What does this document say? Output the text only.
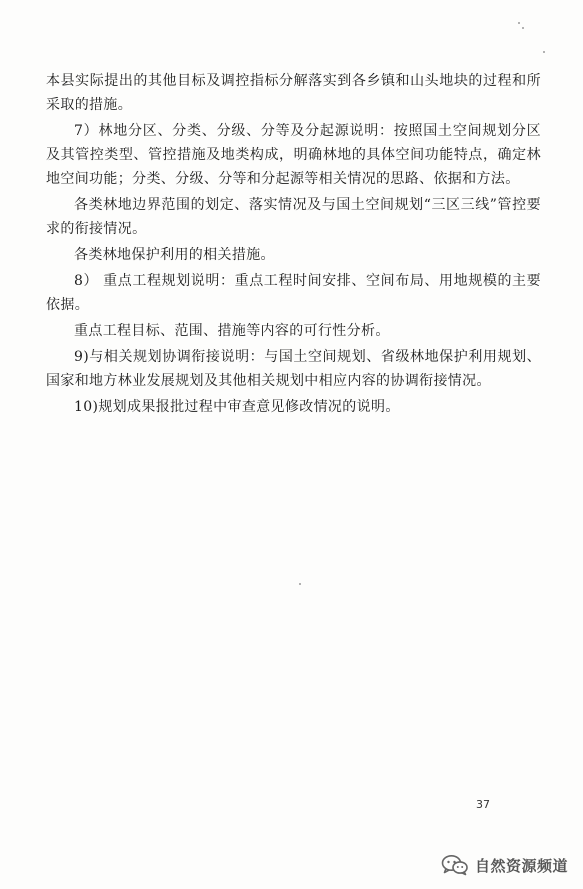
本县实际提出的其他目标及调控指标分解落实到各乡镇和山头地块的过程和所采取的措施。

7）林地分区、分类、分级、分等及分起源说明：按照国土空间规划分区及其管控类型、管控措施及地类构成，明确林地的具体空间功能特点，确定林地空间功能；分类、分级、分等和分起源等相关情况的思路、依据和方法。

各类林地边界范围的划定、落实情况及与国土空间规划“三区三线”管控要求的衔接情况。

各类林地保护利用的相关措施。

8） 重点工程规划说明：重点工程时间安排、空间布局、用地规模的主要依据。

重点工程目标、范围、措施等内容的可行性分析。

9)与相关规划协调衔接说明：与国土空间规划、省级林地保护利用规划、国家和地方林业发展规划及其他相关规划中相应内容的协调衔接情况。

10)规划成果报批过程中审查意见修改情况的说明。

37
自然资源频道
